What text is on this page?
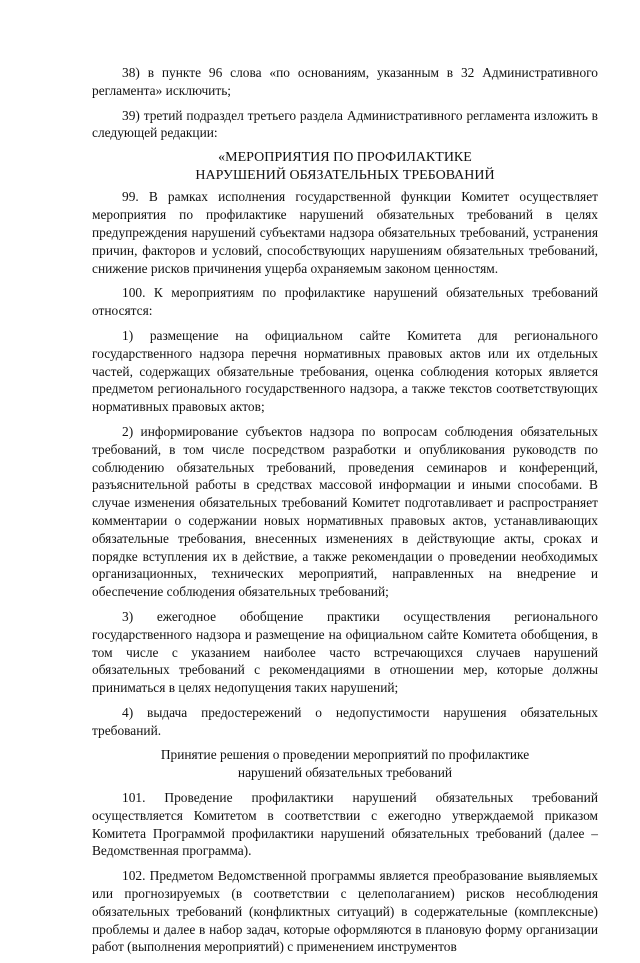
38) в пункте 96 слова «по основаниям, указанным в 32 Административного регламента» исключить;

39) третий подраздел третьего раздела Административного регламента изложить в следующей редакции:

«МЕРОПРИЯТИЯ ПО ПРОФИЛАКТИКЕ
НАРУШЕНИЙ ОБЯЗАТЕЛЬНЫХ ТРЕБОВАНИЙ

99. В рамках исполнения государственной функции Комитет осуществляет мероприятия по профилактике нарушений обязательных требований в целях предупреждения нарушений субъектами надзора обязательных требований, устранения причин, факторов и условий, способствующих нарушениям обязательных требований, снижение рисков причинения ущерба охраняемым законом ценностям.

100. К мероприятиям по профилактике нарушений обязательных требований относятся:

1) размещение на официальном сайте Комитета для регионального государственного надзора перечня нормативных правовых актов или их отдельных частей, содержащих обязательные требования, оценка соблюдения которых является предметом регионального государственного надзора, а также текстов соответствующих нормативных правовых актов;

2) информирование субъектов надзора по вопросам соблюдения обязательных требований, в том числе посредством разработки и опубликования руководств по соблюдению обязательных требований, проведения семинаров и конференций, разъяснительной работы в средствах массовой информации и иными способами. В случае изменения обязательных требований Комитет подготавливает и распространяет комментарии о содержании новых нормативных правовых актов, устанавливающих обязательные требования, внесенных изменениях в действующие акты, сроках и порядке вступления их в действие, а также рекомендации о проведении необходимых организационных, технических мероприятий, направленных на внедрение и обеспечение соблюдения обязательных требований;

3) ежегодное обобщение практики осуществления регионального государственного надзора и размещение на официальном сайте Комитета обобщения, в том числе с указанием наиболее часто встречающихся случаев нарушений обязательных требований с рекомендациями в отношении мер, которые должны приниматься в целях недопущения таких нарушений;

4) выдача предостережений о недопустимости нарушения обязательных требований.

Принятие решения о проведении мероприятий по профилактике
нарушений обязательных требований

101. Проведение профилактики нарушений обязательных требований осуществляется Комитетом в соответствии с ежегодно утверждаемой приказом Комитета Программой профилактики нарушений обязательных требований (далее – Ведомственная программа).

102. Предметом Ведомственной программы является преобразование выявляемых или прогнозируемых (в соответствии с целеполаганием) рисков несоблюдения обязательных требований (конфликтных ситуаций) в содержательные (комплексные) проблемы и далее в набор задач, которые оформляются в плановую форму организации работ (выполнения мероприятий) с применением инструментов
